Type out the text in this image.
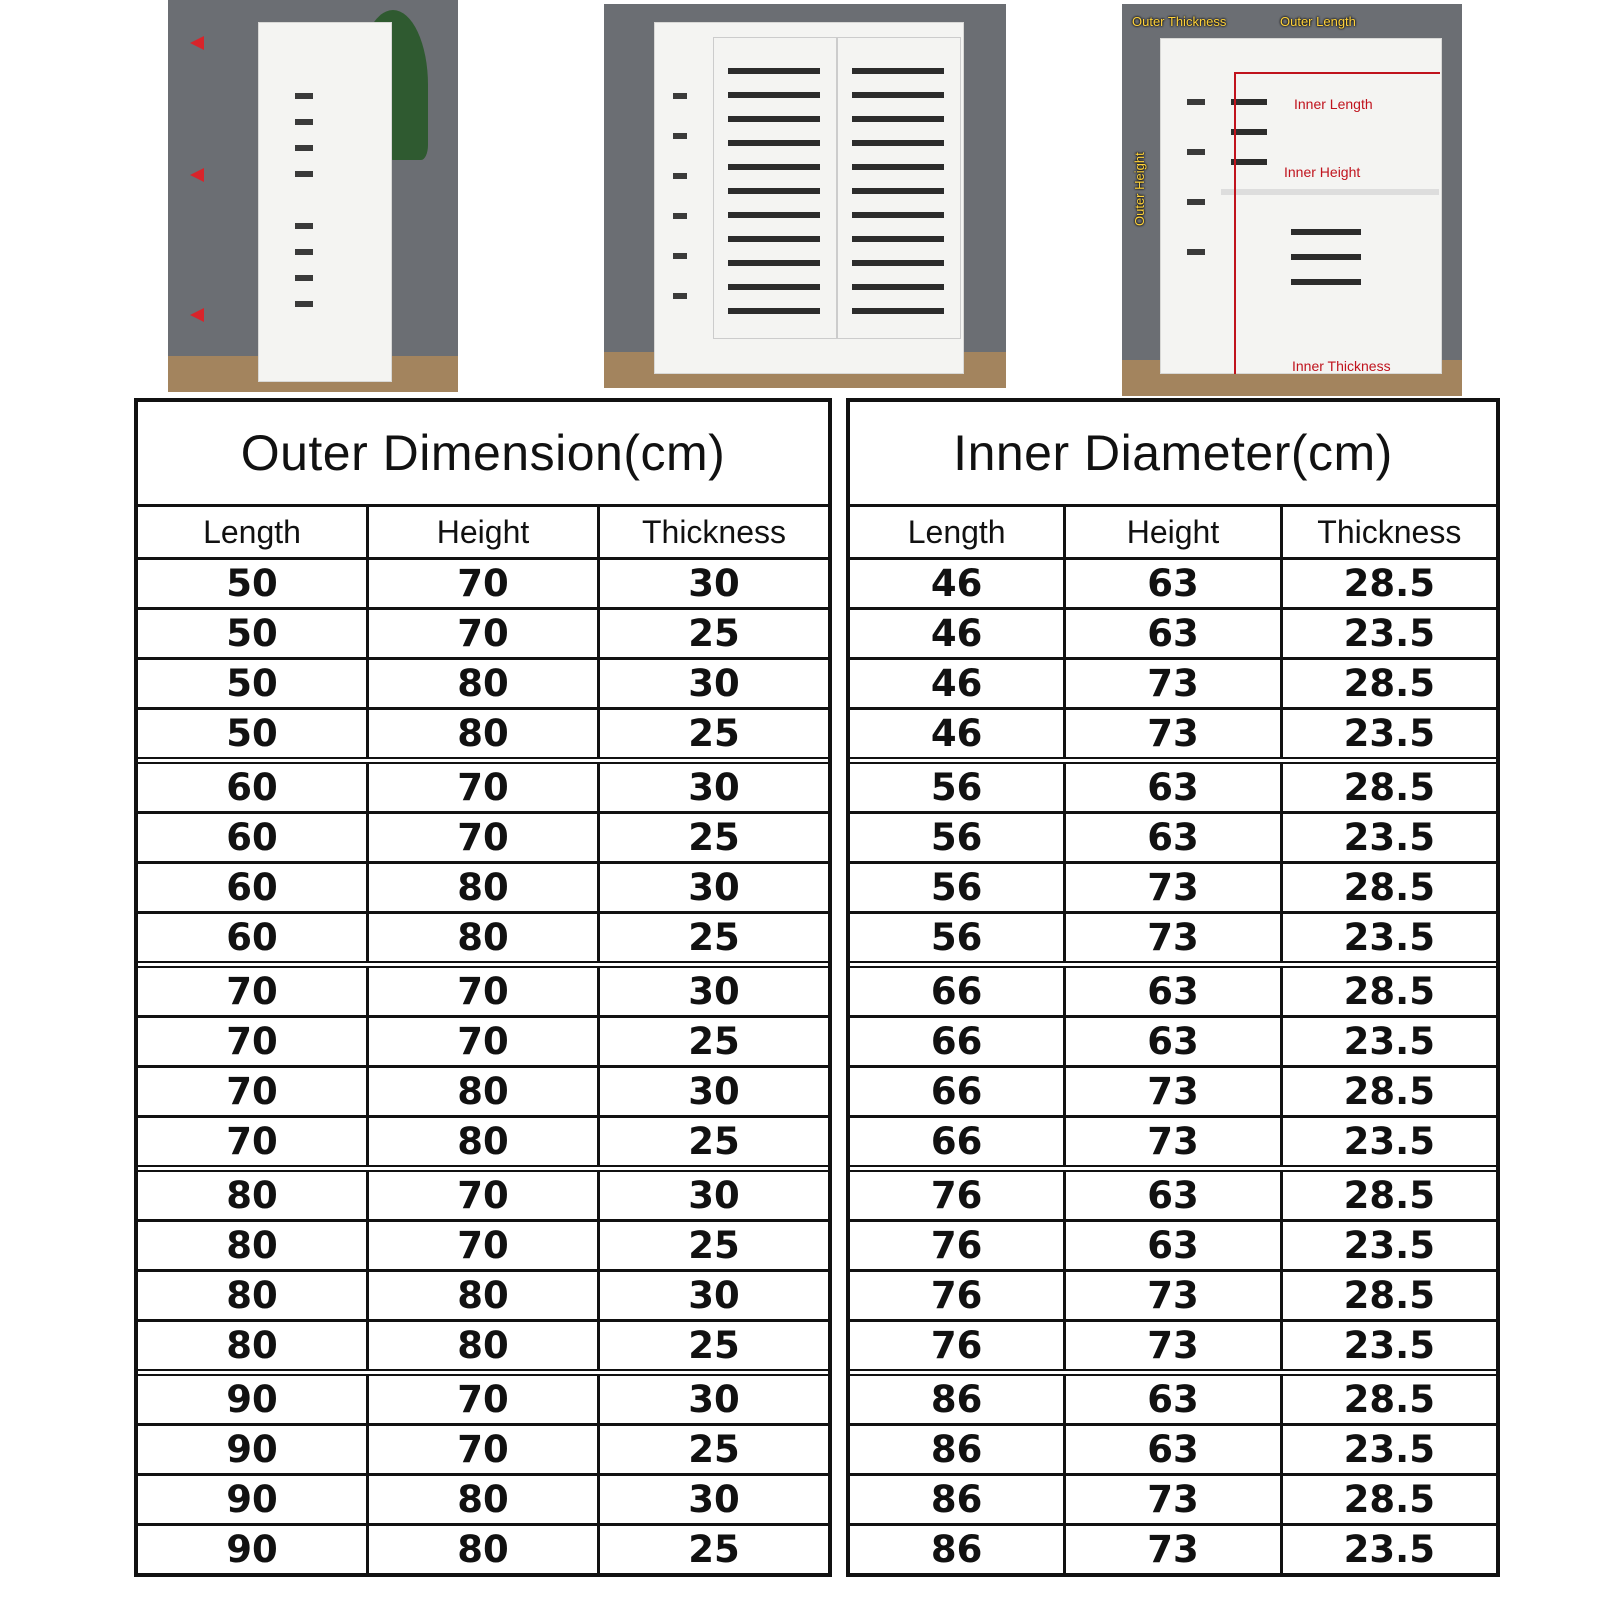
Outer Thickness	Outer Length
Outer Height
Inner Length
Inner Height
Inner Thickness
Outer Dimension(cm)
Length	Height	Thickness
50	70	30
50	70	25
50	80	30
50	80	25
60	70	30
60	70	25
60	80	30
60	80	25
70	70	30
70	70	25
70	80	30
70	80	25
80	70	30
80	70	25
80	80	30
80	80	25
90	70	30
90	70	25
90	80	30
90	80	25
Inner Diameter(cm)
Length	Height	Thickness
46	63	28.5
46	63	23.5
46	73	28.5
46	73	23.5
56	63	28.5
56	63	23.5
56	73	28.5
56	73	23.5
66	63	28.5
66	63	23.5
66	73	28.5
66	73	23.5
76	63	28.5
76	63	23.5
76	73	28.5
76	73	23.5
86	63	28.5
86	63	23.5
86	73	28.5
86	73	23.5
